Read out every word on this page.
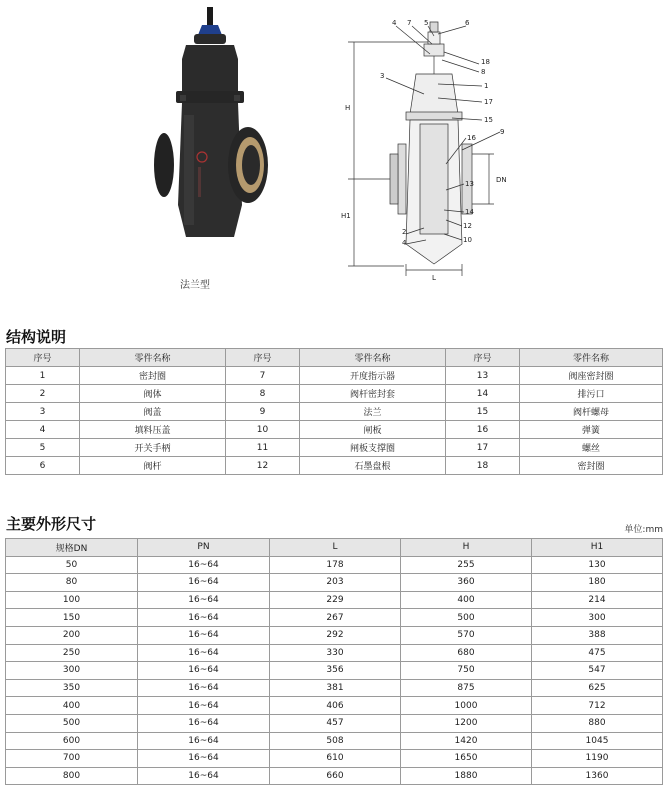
法兰型
4 7 5	6
3
2
4
18
8
1
17
15
9
16
13
14
12
10
H
H1
DN
L
结构说明
序号	零件名称	序号	零件名称	序号	零件名称
1	密封圈	7	开度指示器	13	阀座密封圈
2	阀体	8	阀杆密封套	14	排污口
3	阀盖	9	法兰	15	阀杆螺母
4	填料压盖	10	闸板	16	弹簧
5	开关手柄	11	闸板支撑圈	17	螺丝
6	阀杆	12	石墨盘根	18	密封圈
主要外形尺寸	单位:mm
规格DN	PN	L	H	H1
50	16~64	178	255	130
80	16~64	203	360	180
100	16~64	229	400	214
150	16~64	267	500	300
200	16~64	292	570	388
250	16~64	330	680	475
300	16~64	356	750	547
350	16~64	381	875	625
400	16~64	406	1000	712
500	16~64	457	1200	880
600	16~64	508	1420	1045
700	16~64	610	1650	1190
800	16~64	660	1880	1360
